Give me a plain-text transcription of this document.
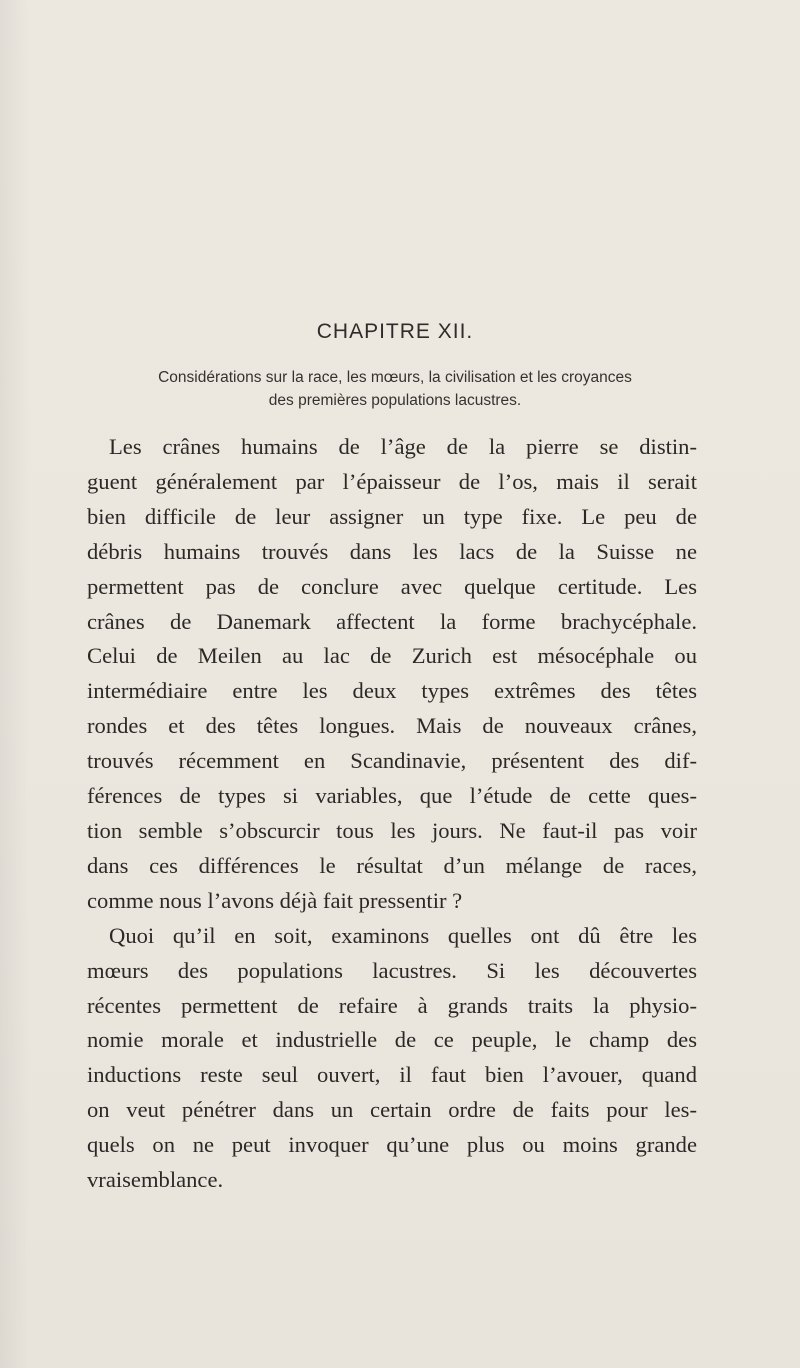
CHAPITRE XII.
Considérations sur la race, les mœurs, la civilisation et les croyances
des premières populations lacustres.
Les crânes humains de l’âge de la pierre se distin-
guent généralement par l’épaisseur de l’os, mais il serait
bien difficile de leur assigner un type fixe. Le peu de
débris humains trouvés dans les lacs de la Suisse ne
permettent pas de conclure avec quelque certitude. Les
crânes de Danemark affectent la forme brachycéphale.
Celui de Meilen au lac de Zurich est mésocéphale ou
intermédiaire entre les deux types extrêmes des têtes
rondes et des têtes longues. Mais de nouveaux crânes,
trouvés récemment en Scandinavie, présentent des dif-
férences de types si variables, que l’étude de cette ques-
tion semble s’obscurcir tous les jours. Ne faut-il pas voir
dans ces différences le résultat d’un mélange de races,
comme nous l’avons déjà fait pressentir ?
Quoi qu’il en soit, examinons quelles ont dû être les
mœurs des populations lacustres. Si les découvertes
récentes permettent de refaire à grands traits la physio-
nomie morale et industrielle de ce peuple, le champ des
inductions reste seul ouvert, il faut bien l’avouer, quand
on veut pénétrer dans un certain ordre de faits pour les-
quels on ne peut invoquer qu’une plus ou moins grande
vraisemblance.
